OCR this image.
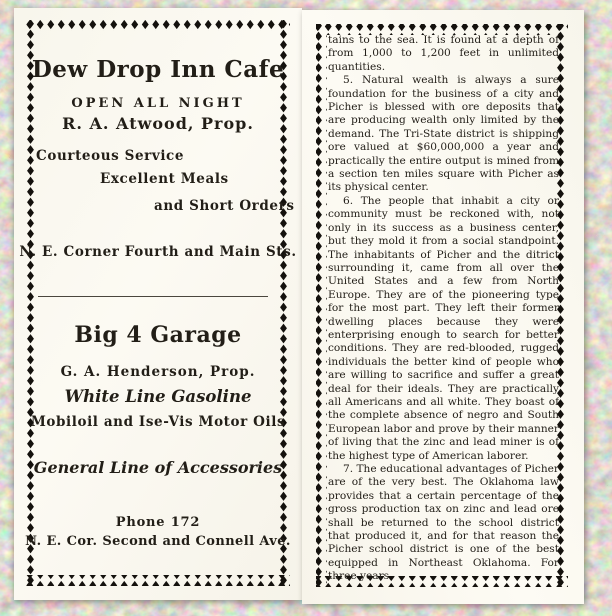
Dew Drop Inn Cafe
OPEN ALL NIGHT
R. A. Atwood, Prop.
Courteous Service
Excellent Meals
and Short Orders
N. E. Corner Fourth and Main Sts.
Big 4 Garage
G. A. Henderson, Prop.
White Line Gasoline
Mobiloil and Ise-Vis Motor Oils
General Line of Accessories
Phone 172
N. E. Cor. Second and Connell Ave.

tains to the sea. It is found at a depth of from 1,000 to 1,200 feet in unlimited quantities.

5. Natural wealth is always a sure foundation for the business of a city and Picher is blessed with ore deposits that are producing wealth only limited by the demand. The Tri-State district is shipping ore valued at $60,000,000 a year and practically the entire output is mined from a section ten miles square with Picher as its physical center.

6. The people that inhabit a city or community must be reckoned with, not only in its success as a business center, but they mold it from a social standpoint. The inhabitants of Picher and the ditrict surrounding it, came from all over the United States and a few from North Europe. They are of the pioneering type for the most part. They left their former dwelling places because they were enterprising enough to search for better conditions. They are red-blooded, rugged individuals the better kind of people who are willing to sacrifice and suffer a great deal for their ideals. They are practically all Americans and all white. They boast of the complete absence of negro and South European labor and prove by their manner of living that the zinc and lead miner is of the highest type of American laborer.

7. The educational advantages of Picher are of the very best. The Oklahoma law provides that a certain percentage of the gross production tax on zinc and lead ore shall be returned to the school district that produced it, and for that reason the Picher school district is one of the best equipped in Northeast Oklahoma. For three years
